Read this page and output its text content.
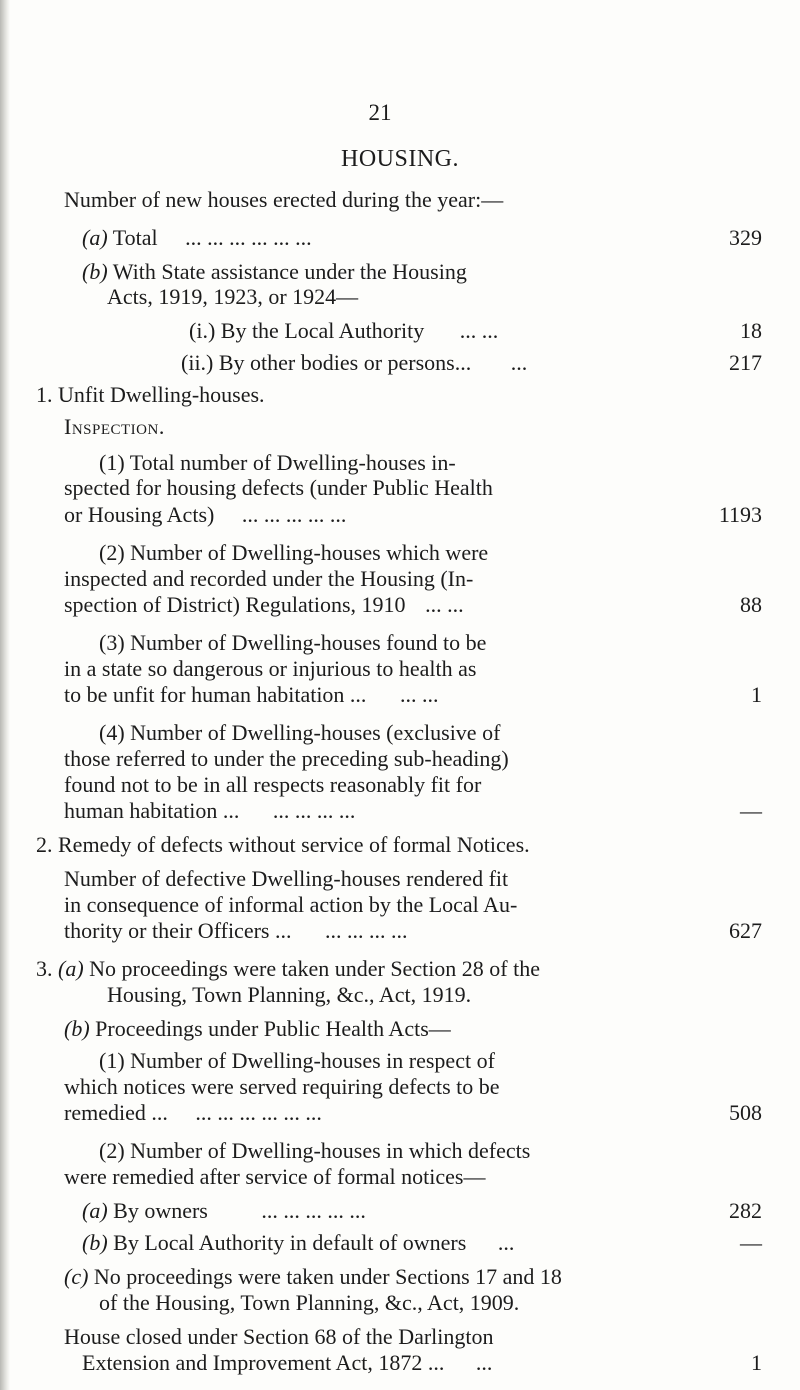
21
HOUSING.
Number of new houses erected during the year:—
(a) Total ... ... ... ... ... ...	329
(b) With State assistance under the Housing
Acts, 1919, 1923, or 1924—
(i.) By the Local Authority ... ...	18
(ii.) By other bodies or persons... ...	217
1. Unfit Dwelling-houses.
Inspection.
(1) Total number of Dwelling-houses in-
spected for housing defects (under Public Health
or Housing Acts) ... ... ... ... ...	1193
(2) Number of Dwelling-houses which were
inspected and recorded under the Housing (In-
spection of District) Regulations, 1910 ... ...	88
(3) Number of Dwelling-houses found to be
in a state so dangerous or injurious to health as
to be unfit for human habitation ... ... ...	1
(4) Number of Dwelling-houses (exclusive of
those referred to under the preceding sub-heading)
found not to be in all respects reasonably fit for
human habitation ... ... ... ... ...	—
2. Remedy of defects without service of formal Notices.
Number of defective Dwelling-houses rendered fit
in consequence of informal action by the Local Au-
thority or their Officers ... ... ... ... ...	627
3. (a) No proceedings were taken under Section 28 of the
Housing, Town Planning, &c., Act, 1919.
(b) Proceedings under Public Health Acts—
(1) Number of Dwelling-houses in respect of
which notices were served requiring defects to be
remedied ... ... ... ... ... ... ...	508
(2) Number of Dwelling-houses in which defects
were remedied after service of formal notices—
(a) By owners ... ... ... ... ...	282
(b) By Local Authority in default of owners ...	—
(c) No proceedings were taken under Sections 17 and 18
of the Housing, Town Planning, &c., Act, 1909.
House closed under Section 68 of the Darlington
Extension and Improvement Act, 1872 ... ...	1
